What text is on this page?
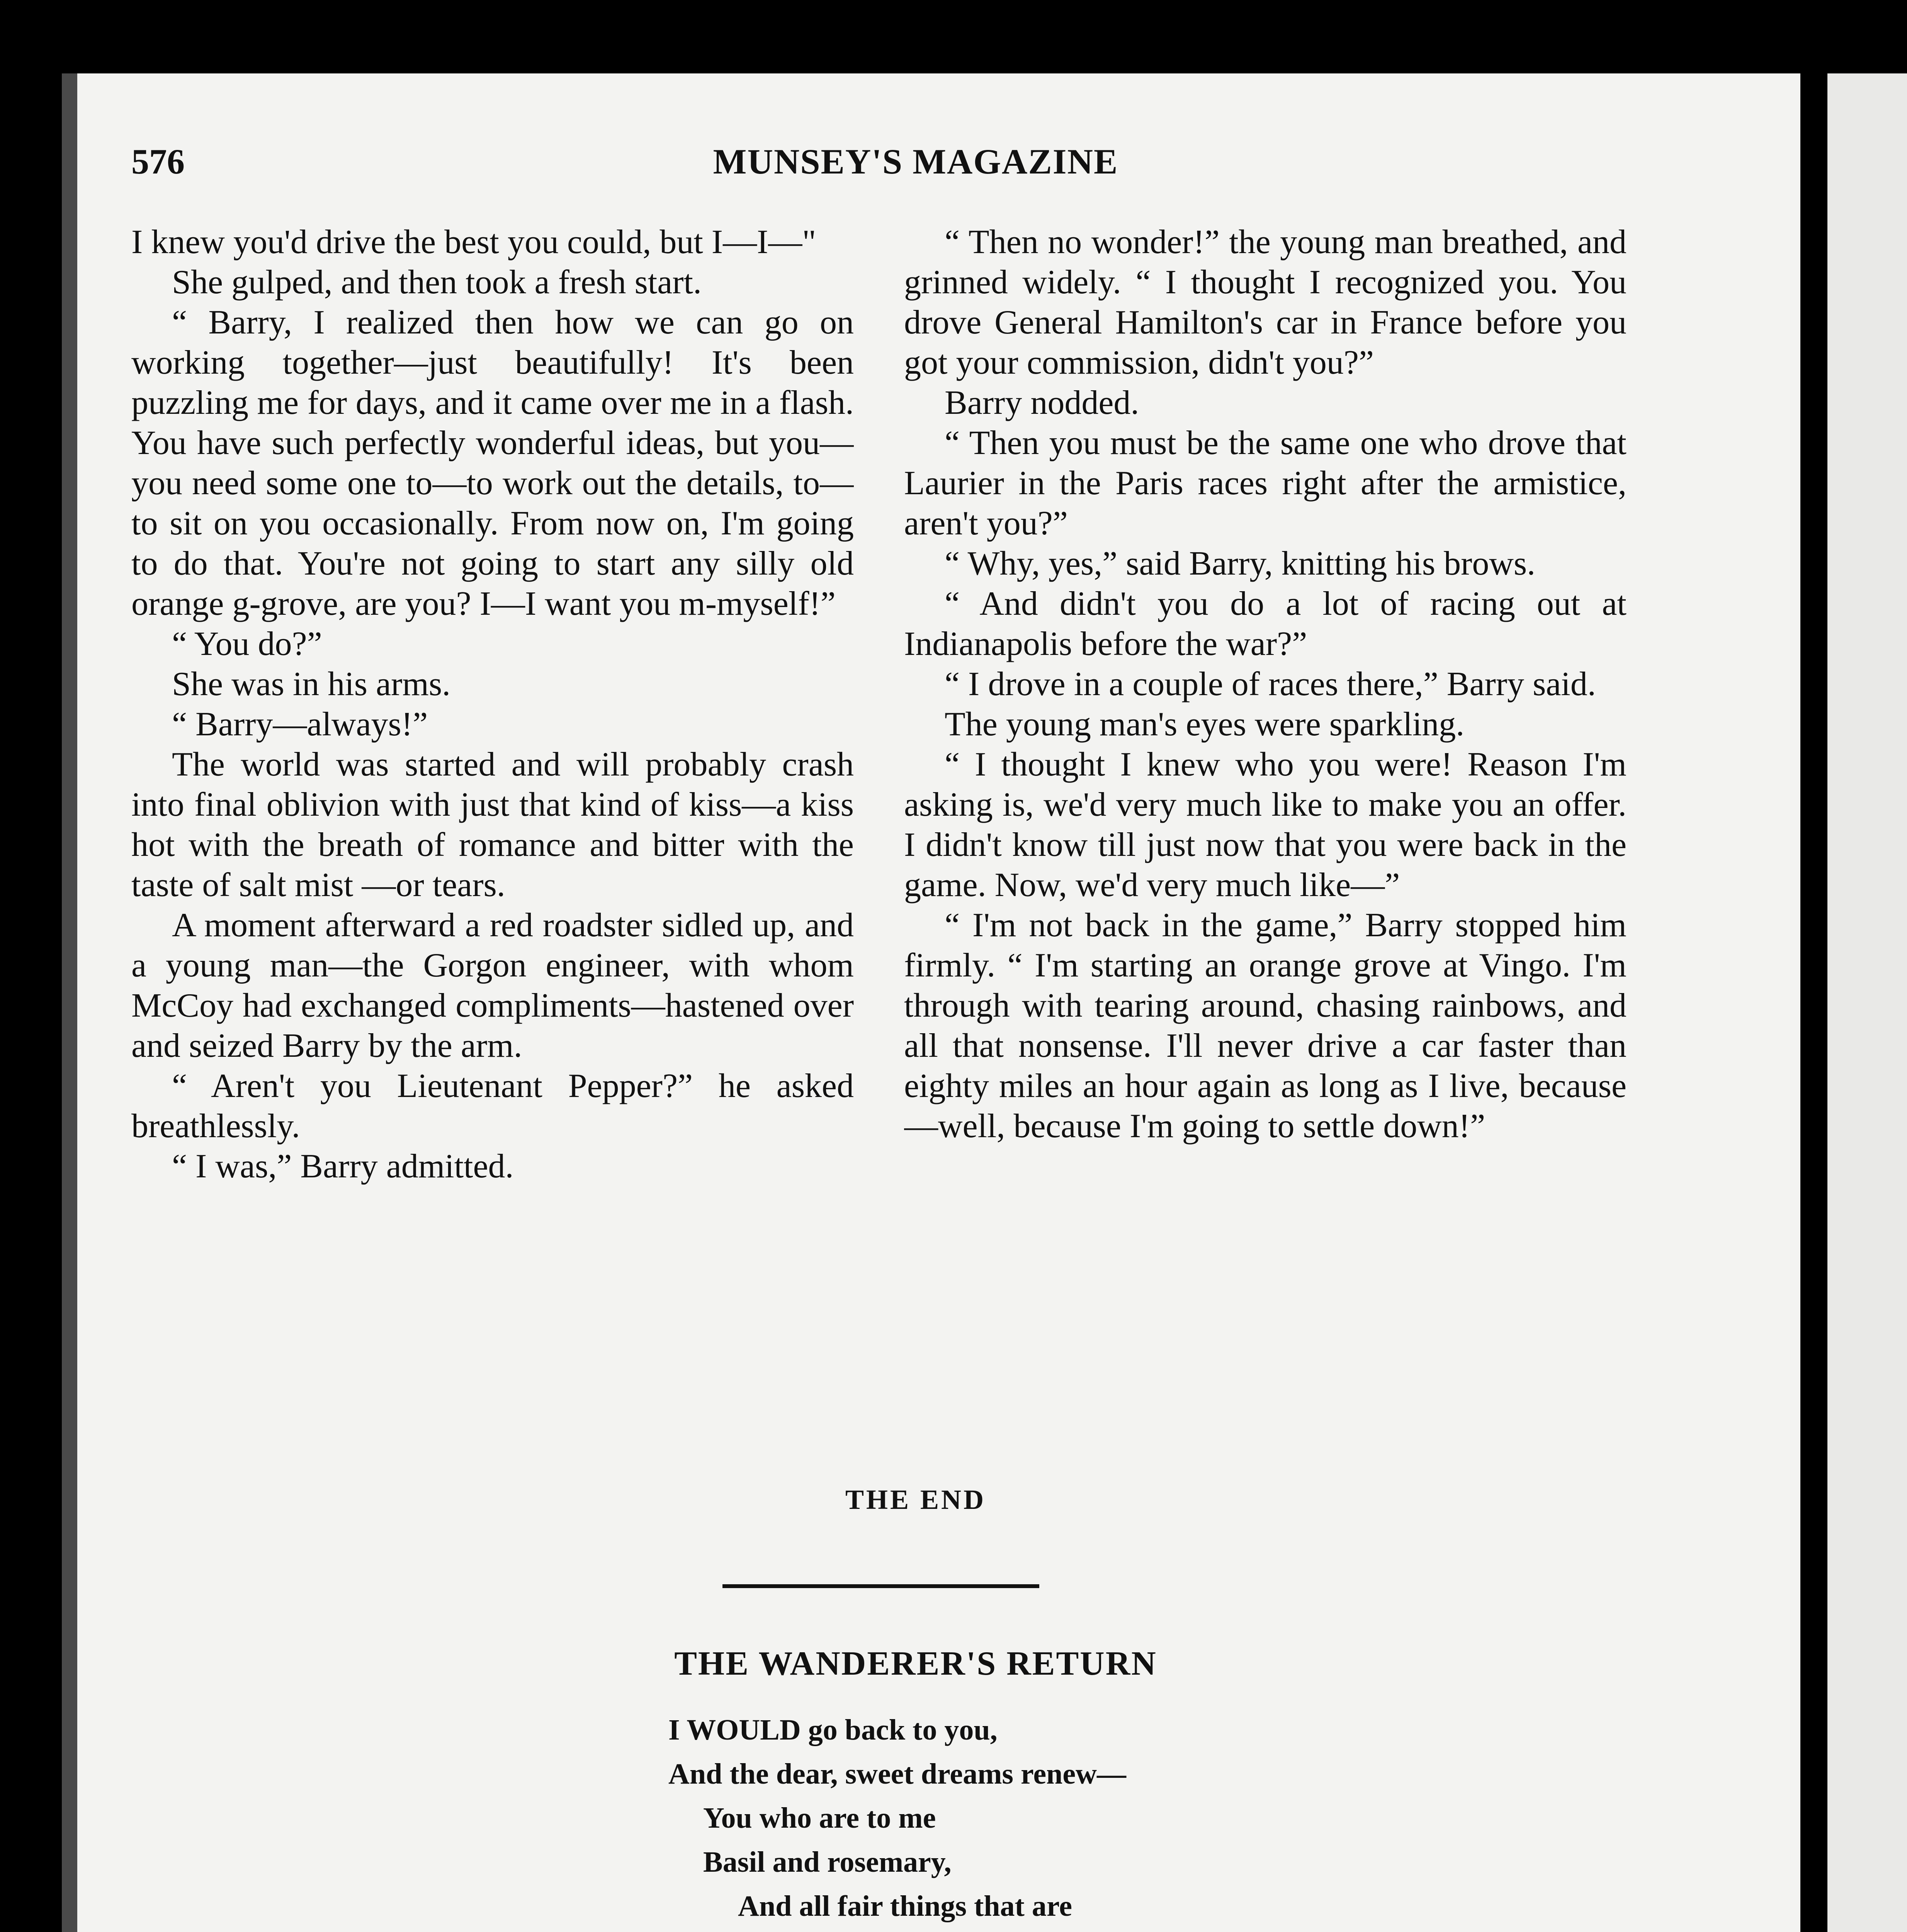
576	MUNSEY'S MAGAZINE

I knew you'd drive the best you could, but I—I—"

She gulped, and then took a fresh start.

“ Barry, I realized then how we can go on working together—just beautifully! It's been puzzling me for days, and it came over me in a flash. You have such perfectly wonderful ideas, but you—you need some one to—to work out the details, to—to sit on you occasionally. From now on, I'm going to do that. You're not going to start any silly old orange g-grove, are you? I—I want you m-myself!”

“ You do?”

She was in his arms.

“ Barry—always!”

The world was started and will probably crash into final oblivion with just that kind of kiss—a kiss hot with the breath of romance and bitter with the taste of salt mist —or tears.

A moment afterward a red roadster sidled up, and a young man—the Gorgon engineer, with whom McCoy had exchanged compliments—hastened over and seized Barry by the arm.

“ Aren't you Lieutenant Pepper?” he asked breathlessly.

“ I was,” Barry admitted.

“ Then no wonder!” the young man breathed, and grinned widely. “ I thought I recognized you. You drove General Hamilton's car in France before you got your commission, didn't you?”

Barry nodded.

“ Then you must be the same one who drove that Laurier in the Paris races right after the armistice, aren't you?”

“ Why, yes,” said Barry, knitting his brows.

“ And didn't you do a lot of racing out at Indianapolis before the war?”

“ I drove in a couple of races there,” Barry said.

The young man's eyes were sparkling.

“ I thought I knew who you were! Reason I'm asking is, we'd very much like to make you an offer. I didn't know till just now that you were back in the game. Now, we'd very much like—”

“ I'm not back in the game,” Barry stopped him firmly. “ I'm starting an orange grove at Vingo. I'm through with tearing around, chasing rainbows, and all that nonsense. I'll never drive a car faster than eighty miles an hour again as long as I live, because—well, because I'm going to settle down!”

THE END
THE WANDERER'S RETURN
I WOULD go back to you,
And the dear, sweet dreams renew—
You who are to me
Basil and rosemary,
And all fair things that are
